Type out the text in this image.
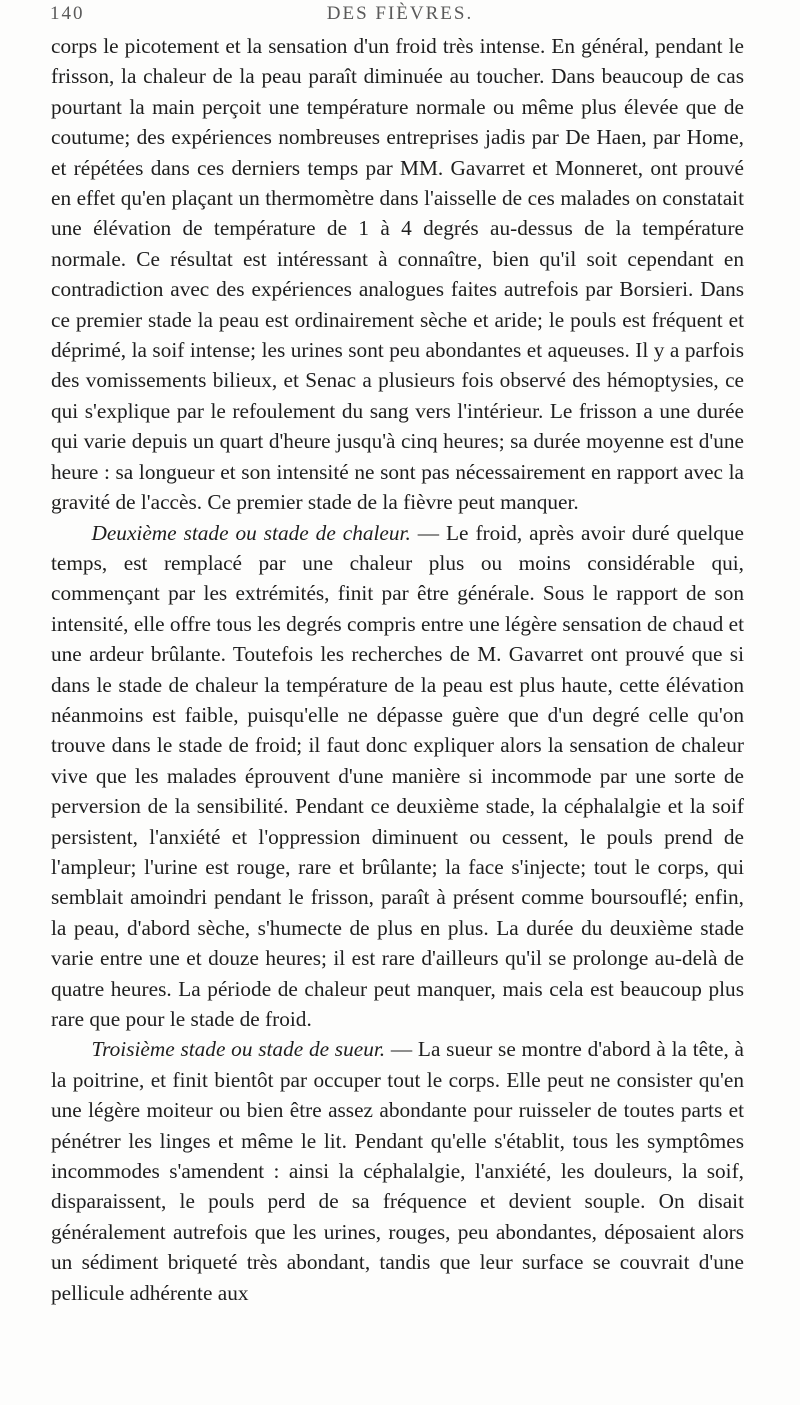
140	DES FIÈVRES.

corps le picotement et la sensation d'un froid très intense. En général, pendant le frisson, la chaleur de la peau paraît diminuée au toucher. Dans beaucoup de cas pourtant la main perçoit une température normale ou même plus élevée que de coutume; des expériences nombreuses entreprises jadis par De Haen, par Home, et répétées dans ces derniers temps par MM. Gavarret et Monneret, ont prouvé en effet qu'en plaçant un thermomètre dans l'aisselle de ces malades on constatait une élévation de température de 1 à 4 degrés au-dessus de la température normale. Ce résultat est intéressant à connaître, bien qu'il soit cependant en contradiction avec des expériences analogues faites autrefois par Borsieri. Dans ce premier stade la peau est ordinairement sèche et aride; le pouls est fréquent et déprimé, la soif intense; les urines sont peu abondantes et aqueuses. Il y a parfois des vomissements bilieux, et Senac a plusieurs fois observé des hémoptysies, ce qui s'explique par le refoulement du sang vers l'intérieur. Le frisson a une durée qui varie depuis un quart d'heure jusqu'à cinq heures; sa durée moyenne est d'une heure : sa longueur et son intensité ne sont pas nécessairement en rapport avec la gravité de l'accès. Ce premier stade de la fièvre peut manquer.

Deuxième stade ou stade de chaleur. — Le froid, après avoir duré quelque temps, est remplacé par une chaleur plus ou moins considérable qui, commençant par les extrémités, finit par être générale. Sous le rapport de son intensité, elle offre tous les degrés compris entre une légère sensation de chaud et une ardeur brûlante. Toutefois les recherches de M. Gavarret ont prouvé que si dans le stade de chaleur la température de la peau est plus haute, cette élévation néanmoins est faible, puisqu'elle ne dépasse guère que d'un degré celle qu'on trouve dans le stade de froid; il faut donc expliquer alors la sensation de chaleur vive que les malades éprouvent d'une manière si incommode par une sorte de perversion de la sensibilité. Pendant ce deuxième stade, la céphalalgie et la soif persistent, l'anxiété et l'oppression diminuent ou cessent, le pouls prend de l'ampleur; l'urine est rouge, rare et brûlante; la face s'injecte; tout le corps, qui semblait amoindri pendant le frisson, paraît à présent comme boursouflé; enfin, la peau, d'abord sèche, s'humecte de plus en plus. La durée du deuxième stade varie entre une et douze heures; il est rare d'ailleurs qu'il se prolonge au-delà de quatre heures. La période de chaleur peut manquer, mais cela est beaucoup plus rare que pour le stade de froid.

Troisième stade ou stade de sueur. — La sueur se montre d'abord à la tête, à la poitrine, et finit bientôt par occuper tout le corps. Elle peut ne consister qu'en une légère moiteur ou bien être assez abondante pour ruisseler de toutes parts et pénétrer les linges et même le lit. Pendant qu'elle s'établit, tous les symptômes incommodes s'amendent : ainsi la céphalalgie, l'anxiété, les douleurs, la soif, disparaissent, le pouls perd de sa fréquence et devient souple. On disait généralement autrefois que les urines, rouges, peu abondantes, déposaient alors un sédiment briqueté très abondant, tandis que leur surface se couvrait d'une pellicule adhérente aux
